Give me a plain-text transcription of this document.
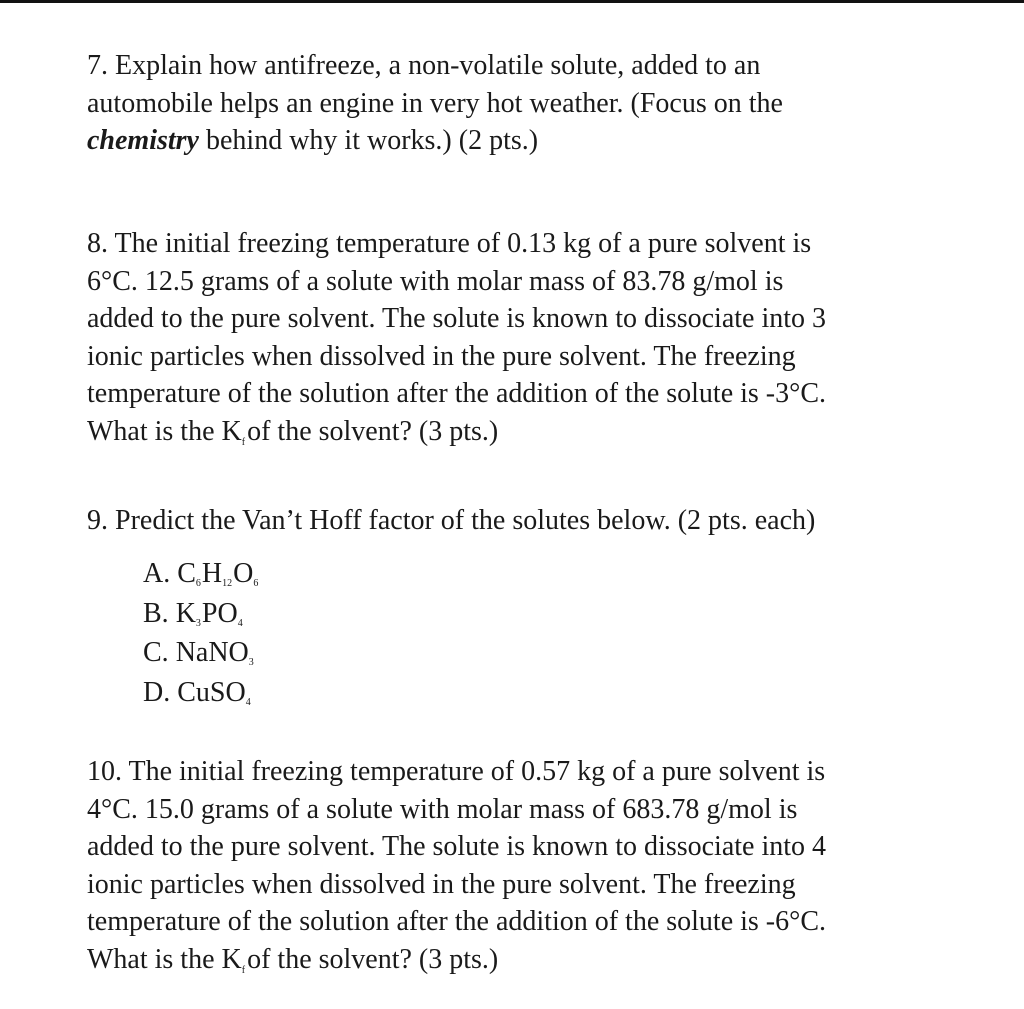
7. Explain how antifreeze, a non-volatile solute, added to an
automobile helps an engine in very hot weather. (Focus on the
chemistry behind why it works.) (2 pts.)
8. The initial freezing temperature of 0.13 kg of a pure solvent is
6°C. 12.5 grams of a solute with molar mass of 83.78 g/mol is
added to the pure solvent. The solute is known to dissociate into 3
ionic particles when dissolved in the pure solvent. The freezing
temperature of the solution after the addition of the solute is -3°C.
What is the $K_fof$ the solvent? (3 pts.)
9. Predict the Van’t Hoff factor of the solutes below. (2 pts. each)
A. $C_6H_{12}O_6$
B. $K_3PO_4$
C. NaNO$_3$
D. CuSO$_4$
10. The initial freezing temperature of 0.57 kg of a pure solvent is
4°C. 15.0 grams of a solute with molar mass of 683.78 g/mol is
added to the pure solvent. The solute is known to dissociate into 4
ionic particles when dissolved in the pure solvent. The freezing
temperature of the solution after the addition of the solute is -6°C.
What is the $K_fof$ the solvent? (3 pts.)
